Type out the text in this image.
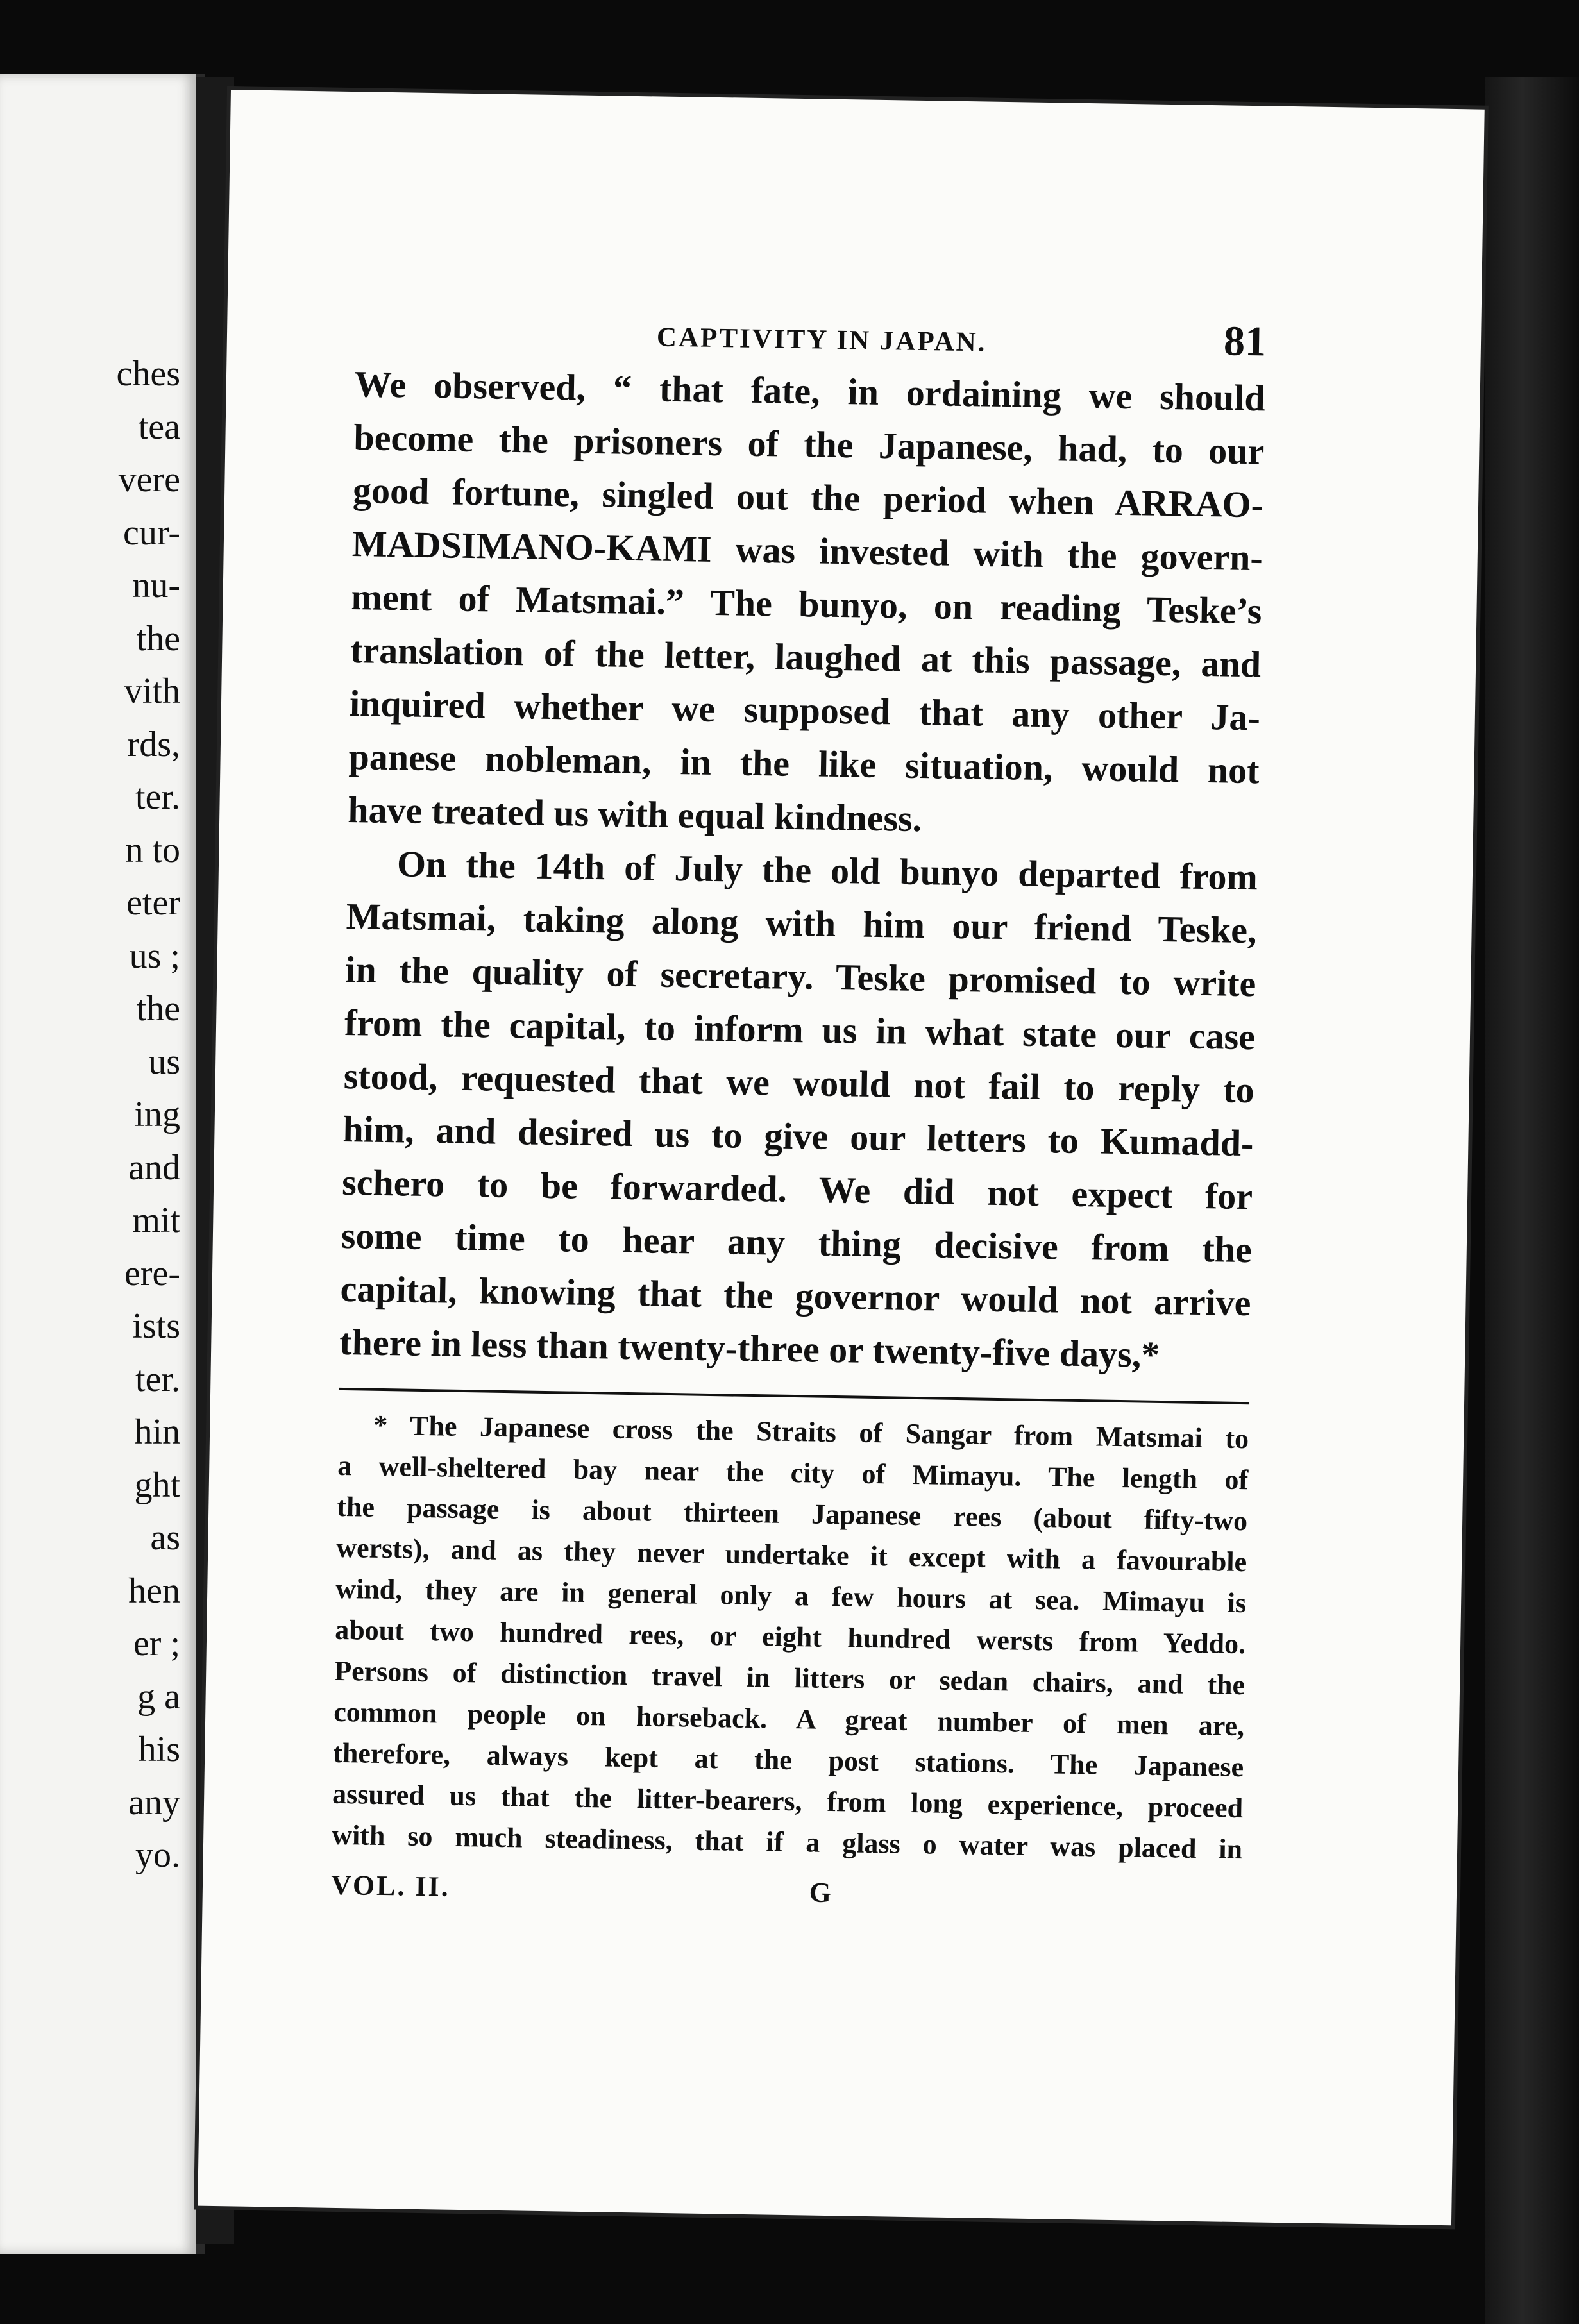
ches
tea
vere
cur-
nu-
the
vith
rds,
ter.
n to
eter
us ;
the
us
ing
and
mit
ere-
ists
ter.
hin
ght
as
hen
er ;
g a
his
any
yo.
CAPTIVITY IN JAPAN.	81
We observed, “ that fate, in ordaining we should
become the prisoners of the Japanese, had, to our
good fortune, singled out the period when ARRAO-
MADSIMANO-KAMI was invested with the govern-
ment of Matsmai.” The bunyo, on reading Teske’s
translation of the letter, laughed at this passage, and
inquired whether we supposed that any other Ja-
panese nobleman, in the like situation, would not
have treated us with equal kindness.
On the 14th of July the old bunyo departed from
Matsmai, taking along with him our friend Teske,
in the quality of secretary. Teske promised to write
from the capital, to inform us in what state our case
stood, requested that we would not fail to reply to
him, and desired us to give our letters to Kumadd-
schero to be forwarded. We did not expect for
some time to hear any thing decisive from the
capital, knowing that the governor would not arrive
there in less than twenty-three or twenty-five days,*
* The Japanese cross the Straits of Sangar from Matsmai to
a well-sheltered bay near the city of Mimayu. The length of
the passage is about thirteen Japanese rees (about fifty-two
wersts), and as they never undertake it except with a favourable
wind, they are in general only a few hours at sea. Mimayu is
about two hundred rees, or eight hundred wersts from Yeddo.
Persons of distinction travel in litters or sedan chairs, and the
common people on horseback. A great number of men are,
therefore, always kept at the post stations. The Japanese
assured us that the litter-bearers, from long experience, proceed
with so much steadiness, that if a glass o water was placed in
VOL. II.	G
